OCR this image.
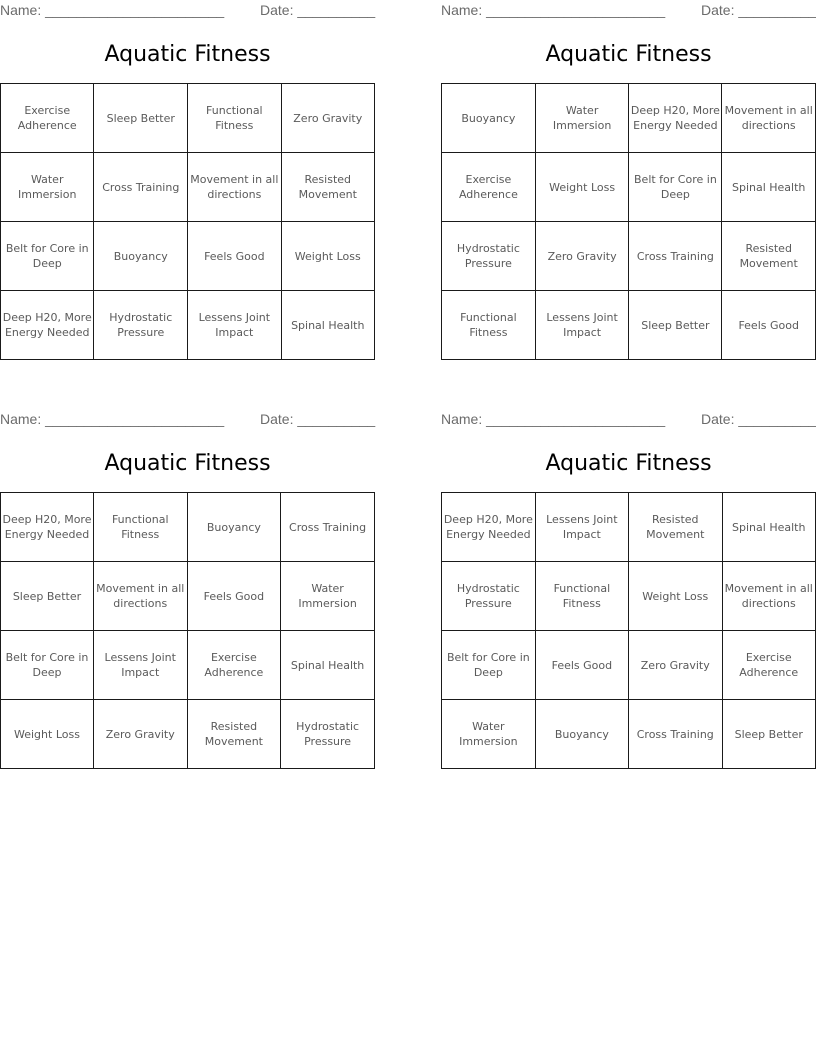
Name: _______________________	Date: __________
Aquatic Fitness
Exercise Adherence	Sleep Better	Functional Fitness	Zero Gravity
Water Immersion	Cross Training	Movement in all directions	Resisted Movement
Belt for Core in Deep	Buoyancy	Feels Good	Weight Loss
Deep H20, More Energy Needed	Hydrostatic Pressure	Lessens Joint Impact	Spinal Health
Name: _______________________	Date: __________
Aquatic Fitness
Buoyancy	Water Immersion	Deep H20, More Energy Needed	Movement in all directions
Exercise Adherence	Weight Loss	Belt for Core in Deep	Spinal Health
Hydrostatic Pressure	Zero Gravity	Cross Training	Resisted Movement
Functional Fitness	Lessens Joint Impact	Sleep Better	Feels Good
Name: _______________________	Date: __________
Aquatic Fitness
Deep H20, More Energy Needed	Functional Fitness	Buoyancy	Cross Training
Sleep Better	Movement in all directions	Feels Good	Water Immersion
Belt for Core in Deep	Lessens Joint Impact	Exercise Adherence	Spinal Health
Weight Loss	Zero Gravity	Resisted Movement	Hydrostatic Pressure
Name: _______________________	Date: __________
Aquatic Fitness
Deep H20, More Energy Needed	Lessens Joint Impact	Resisted Movement	Spinal Health
Hydrostatic Pressure	Functional Fitness	Weight Loss	Movement in all directions
Belt for Core in Deep	Feels Good	Zero Gravity	Exercise Adherence
Water Immersion	Buoyancy	Cross Training	Sleep Better
